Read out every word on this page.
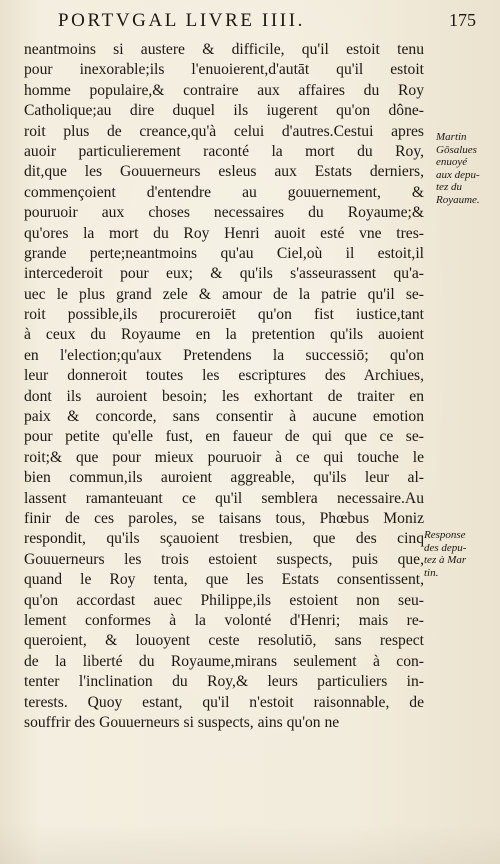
PORTVGAL LIVRE IIII.	175
neantmoins si austere & difficile, qu'il estoit tenu
pour inexorable;ils l'enuoierent,d'autāt qu'il estoit
homme populaire,& contraire aux affaires du Roy
Catholique;au dire duquel ils iugerent qu'on dône-
roit plus de creance,qu'à celui d'autres.Cestui apres
auoir particulierement raconté la mort du Roy,
dit,que les Gouuerneurs esleus aux Estats derniers,
commençoient d'entendre au gouuernement, &
pouruoir aux choses necessaires du Royaume;&
qu'ores la mort du Roy Henri auoit esté vne tres-
grande perte;neantmoins qu'au Ciel,où il estoit,il
intercederoit pour eux; & qu'ils s'asseurassent qu'a-
uec le plus grand zele & amour de la patrie qu'il se-
roit possible,ils procureroiēt qu'on fist iustice,tant
à ceux du Royaume en la pretention qu'ils auoient
en l'election;qu'aux Pretendens la successiō; qu'on
leur donneroit toutes les escriptures des Archiues,
dont ils auroient besoin; les exhortant de traiter en
paix & concorde, sans consentir à aucune emotion
pour petite qu'elle fust, en faueur de qui que ce se-
roit;& que pour mieux pouruoir à ce qui touche le
bien commun,ils auroient aggreable, qu'ils leur al-
lassent ramanteuant ce qu'il semblera necessaire.Au
finir de ces paroles, se taisans tous, Phœbus Moniz
respondit, qu'ils sçauoient tresbien, que des cinq
Gouuerneurs les trois estoient suspects, puis que,
quand le Roy tenta, que les Estats consentissent,
qu'on accordast auec Philippe,ils estoient non seu-
lement conformes à la volonté d'Henri; mais re-
queroient, & louoyent ceste resolutiō, sans respect
de la liberté du Royaume,mirans seulement à con-
tenter l'inclination du Roy,& leurs particuliers in-
terests. Quoy estant, qu'il n'estoit raisonnable, de
souffrir des Gouuerneurs si suspects, ains qu'on ne
Martin
Gōsalues
enuoyé
aux depu-
tez du
Royaume.
Response
des depu-
tez à Mar
tin.
